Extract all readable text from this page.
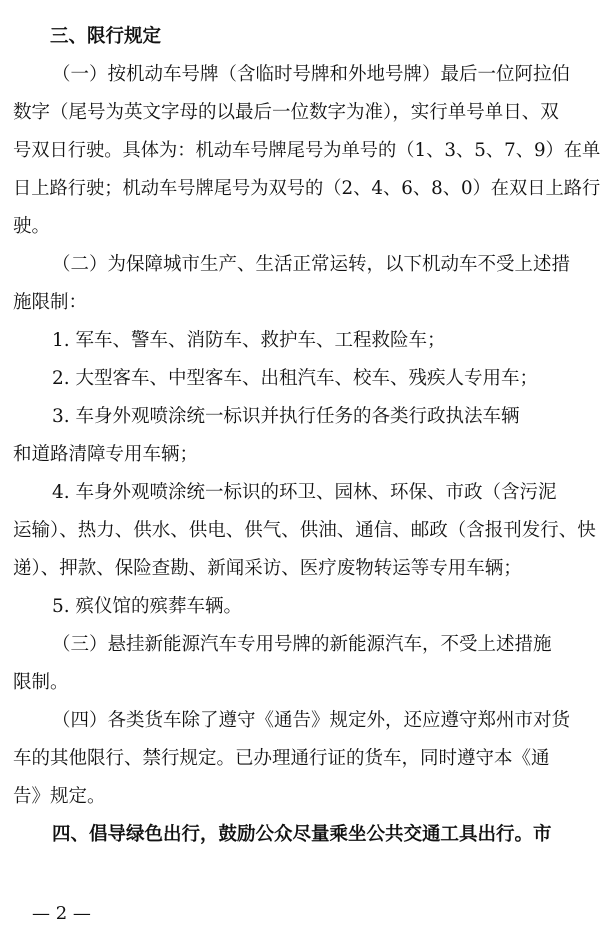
三、限行规定
（一）按机动车号牌（含临时号牌和外地号牌）最后一位阿拉伯
数字（尾号为英文字母的以最后一位数字为准），实行单号单日、双
号双日行驶。具体为：机动车号牌尾号为单号的（1、3、5、7、9）在单
日上路行驶；机动车号牌尾号为双号的（2、4、6、8、0）在双日上路行
驶。
（二）为保障城市生产、生活正常运转，以下机动车不受上述措
施限制：
1. 军车、警车、消防车、救护车、工程救险车；
2. 大型客车、中型客车、出租汽车、校车、残疾人专用车；
3. 车身外观喷涂统一标识并执行任务的各类行政执法车辆
和道路清障专用车辆；
4. 车身外观喷涂统一标识的环卫、园林、环保、市政（含污泥
运输）、热力、供水、供电、供气、供油、通信、邮政（含报刊发行、快
递）、押款、保险查勘、新闻采访、医疗废物转运等专用车辆；
5. 殡仪馆的殡葬车辆。
（三）悬挂新能源汽车专用号牌的新能源汽车，不受上述措施
限制。
（四）各类货车除了遵守《通告》规定外，还应遵守郑州市对货
车的其他限行、禁行规定。已办理通行证的货车，同时遵守本《通
告》规定。
四、倡导绿色出行，鼓励公众尽量乘坐公共交通工具出行。市
— 2 —
